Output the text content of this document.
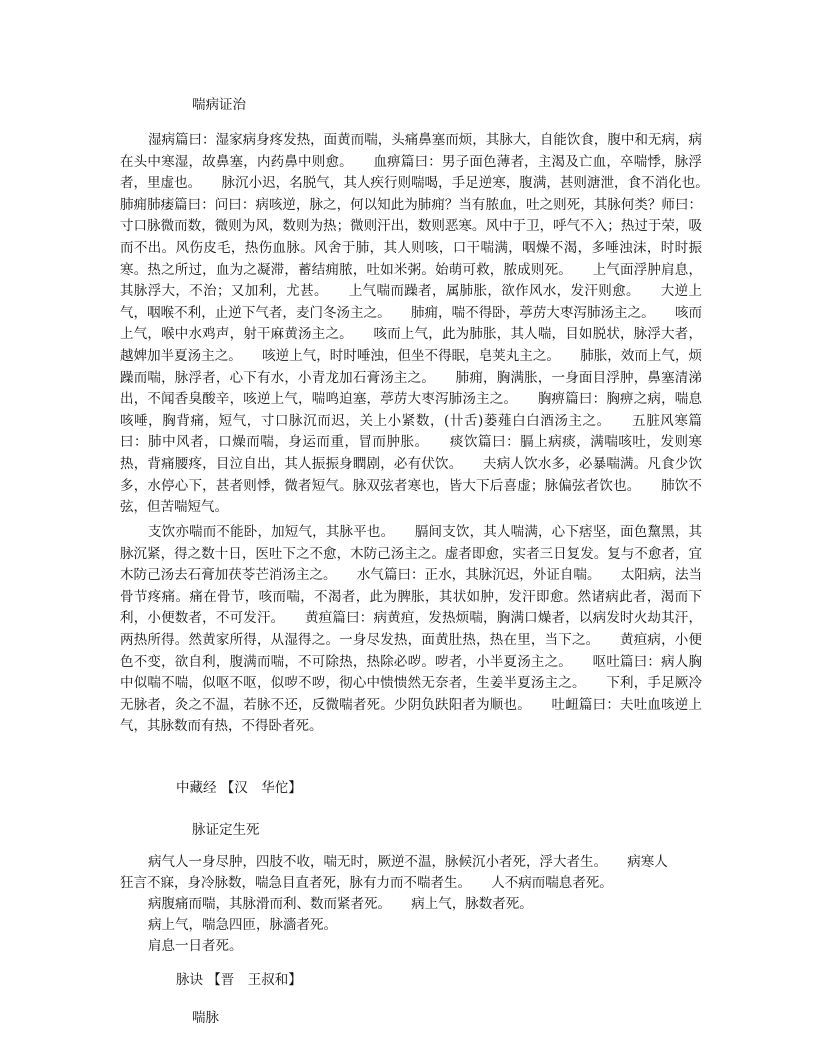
喘病证治

湿病篇曰：湿家病身疼发热，面黄而喘，头痛鼻塞而烦，其脉大，自能饮食，腹中和无病，病在头中寒湿，故鼻塞，内药鼻中则愈。　　血痹篇曰：男子面色薄者，主渴及亡血，卒喘悸，脉浮者，里虚也。　　脉沉小迟，名脱气，其人疾行则喘喝，手足逆寒，腹满，甚则溏泄，食不消化也。　　肺痈肺痿篇曰：问曰：病咳逆，脉之，何以知此为肺痈？当有脓血，吐之则死，其脉何类？师曰：寸口脉微而数，微则为风，数则为热；微则汗出，数则恶寒。风中于卫，呼气不入；热过于荣，吸而不出。风伤皮毛，热伤血脉。风舍于肺，其人则咳，口干喘满，咽燥不渴，多唾浊沫，时时振寒。热之所过，血为之凝滞，蓄结痈脓，吐如米粥。始萌可救，脓成则死。　　上气面浮肿肩息，其脉浮大，不治；又加利，尤甚。　　上气喘而躁者，属肺胀，欲作风水，发汗则愈。　　大逆上气，咽喉不利，止逆下气者，麦门冬汤主之。　　肺痈，喘不得卧，葶苈大枣泻肺汤主之。　　咳而上气，喉中水鸡声，射干麻黄汤主之。　　咳而上气，此为肺胀，其人喘，目如脱状，脉浮大者，越婢加半夏汤主之。　　咳逆上气，时时唾浊，但坐不得眠，皂荚丸主之。　　肺胀，效而上气，烦躁而喘，脉浮者，心下有水，小青龙加石膏汤主之。　　肺痈，胸满胀，一身面目浮肿，鼻塞清涕出，不闻香臭酸辛，咳逆上气，喘鸣迫塞，葶苈大枣泻肺汤主之。　　胸痹篇曰：胸痹之病，喘息咳唾，胸背痛，短气，寸口脉沉而迟，关上小紧数，(卄舌)蒌薤白白酒汤主之。　　五脏风寒篇曰：肺中风者，口燥而喘，身运而重，冒而肿胀。　　痰饮篇曰：膈上病痰，满喘咳吐，发则寒热，背痛腰疼，目泣自出，其人振振身瞤剧，必有伏饮。　　夫病人饮水多，必暴喘满。凡食少饮多，水停心下，甚者则悸，微者短气。脉双弦者寒也，皆大下后喜虚；脉偏弦者饮也。　　肺饮不弦，但苦喘短气。

支饮亦喘而不能卧，加短气，其脉平也。　　膈间支饮，其人喘满，心下痞坚，面色黧黑，其脉沉紧，得之数十日，医吐下之不愈，木防己汤主之。虚者即愈，实者三日复发。复与不愈者，宜木防己汤去石膏加茯苓芒消汤主之。　　水气篇曰：正水，其脉沉迟，外证自喘。　　太阳病，法当骨节疼痛。痛在骨节，咳而喘，不渴者，此为脾胀，其状如肿，发汗即愈。然诸病此者，渴而下利，小便数者，不可发汗。　　黄疸篇曰：病黄疸，发热烦喘，胸满口燥者，以病发时火劫其汗，两热所得。然黄家所得，从湿得之。一身尽发热，面黄肚热，热在里，当下之。　　黄疸病，小便色不变，欲自利，腹满而喘，不可除热，热除必哕。哕者，小半夏汤主之。　　呕吐篇曰：病人胸中似喘不喘，似呕不呕，似哕不哕，彻心中愦愦然无奈者，生姜半夏汤主之。　　下利，手足厥冷无脉者，灸之不温，若脉不还，反微喘者死。少阴负趺阳者为顺也。　　吐衄篇曰：夫吐血咳逆上气，其脉数而有热，不得卧者死。

中藏经 【汉　华佗】
脉证定生死
病气人一身尽肿，四肢不收，喘无时，厥逆不温，脉候沉小者死，浮大者生。　　病寒人
狂言不寐，身冷脉数，喘急目直者死，脉有力而不喘者生。　　人不病而喘息者死。
病腹痛而喘，其脉滑而利、数而紧者死。　　病上气，脉数者死。
病上气，喘急四匝，脉濇者死。
肩息一日者死。
脉诀 【晋　王叔和】
喘脉
